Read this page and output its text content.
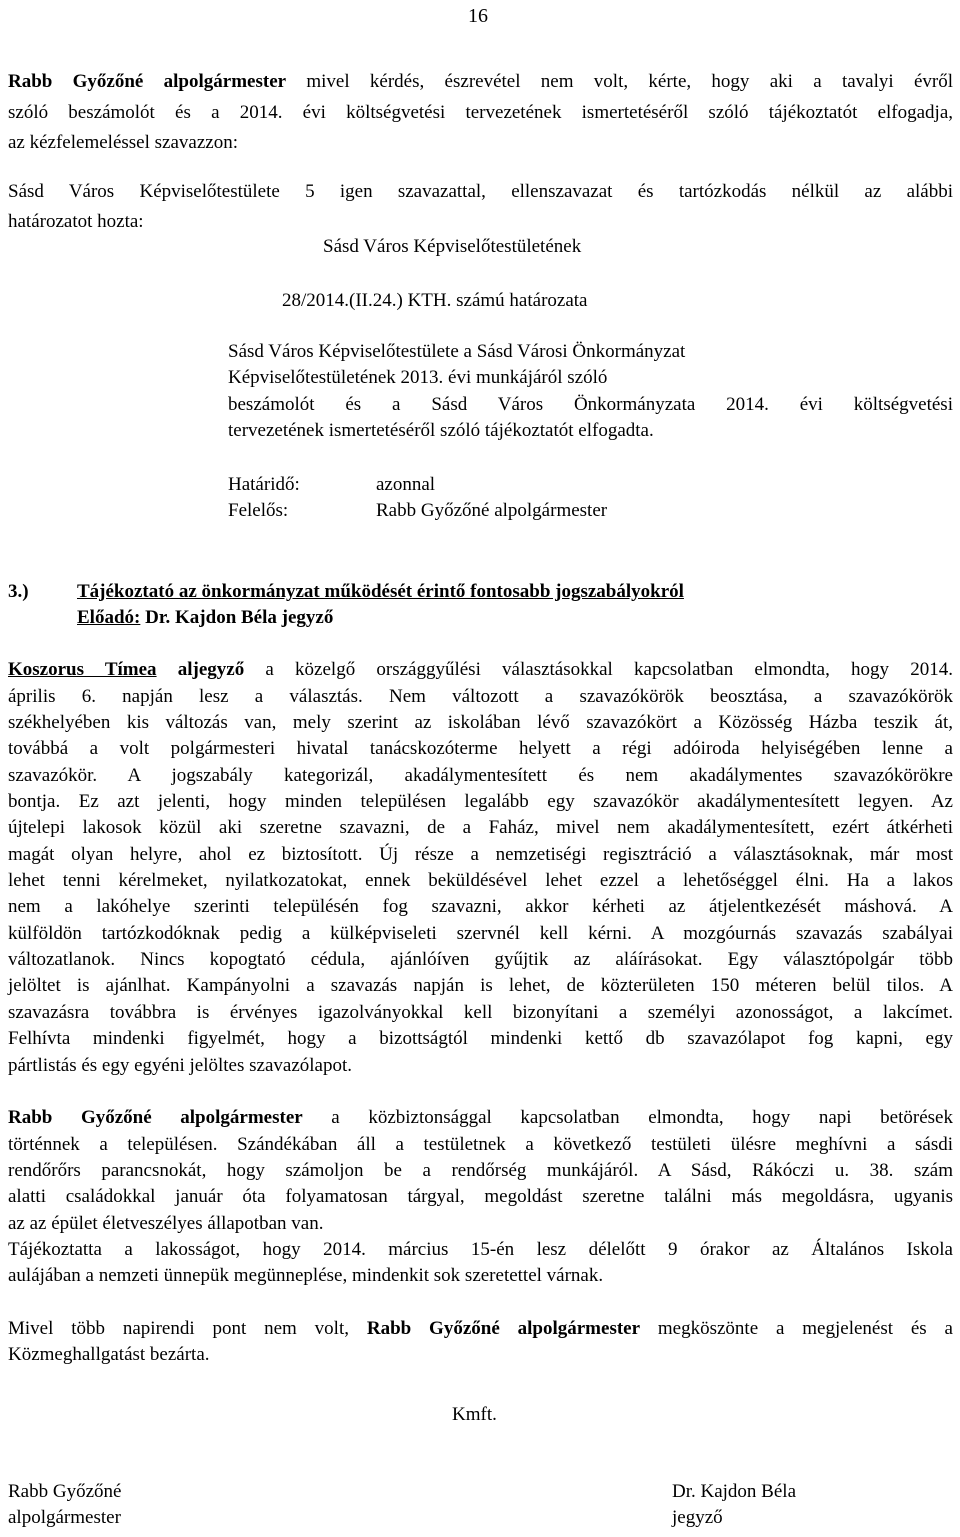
16
Rabb Győzőné alpolgármester mivel kérdés, észrevétel nem volt, kérte, hogy aki a tavalyi évről
szóló beszámolót és a 2014. évi költségvetési tervezetének ismertetéséről szóló tájékoztatót elfogadja,
az kézfelemeléssel szavazzon:
Sásd Város Képviselőtestülete 5 igen szavazattal, ellenszavazat és tartózkodás nélkül az alábbi
határozatot hozta:
Sásd Város Képviselőtestületének
28/2014.(II.24.) KTH. számú határozata
Sásd Város Képviselőtestülete a Sásd Városi Önkormányzat
Képviselőtestületének 2013. évi munkájáról szóló
beszámolót és a Sásd Város Önkormányzata 2014. évi költségvetési
tervezetének ismertetéséről szóló tájékoztatót elfogadta.
Határidő:	azonnal
Felelős:	Rabb Győzőné alpolgármester
3.)	Tájékoztató az önkormányzat működését érintő fontosabb jogszabályokról
Előadó: Dr. Kajdon Béla jegyző
Koszorus Tímea aljegyző a közelgő országgyűlési választásokkal kapcsolatban elmondta, hogy 2014.
április 6. napján lesz a választás. Nem változott a szavazókörök beosztása, a szavazókörök
székhelyében kis változás van, mely szerint az iskolában lévő szavazókört a Közösség Házba teszik át,
továbbá a volt polgármesteri hivatal tanácskozóterme helyett a régi adóiroda helyiségében lenne a
szavazókör. A jogszabály kategorizál, akadálymentesített és nem akadálymentes szavazókörökre
bontja. Ez azt jelenti, hogy minden településen legalább egy szavazókör akadálymentesített legyen. Az
újtelepi lakosok közül aki szeretne szavazni, de a Faház, mivel nem akadálymentesített, ezért átkérheti
magát olyan helyre, ahol ez biztosított. Új része a nemzetiségi regisztráció a választásoknak, már most
lehet tenni kérelmeket, nyilatkozatokat, ennek beküldésével lehet ezzel a lehetőséggel élni. Ha a lakos
nem a lakóhelye szerinti településén fog szavazni, akkor kérheti az átjelentkezését máshová. A
külföldön tartózkodóknak pedig a külképviseleti szervnél kell kérni. A mozgóurnás szavazás szabályai
változatlanok. Nincs kopogtató cédula, ajánlóíven gyűjtik az aláírásokat. Egy választópolgár több
jelöltet is ajánlhat. Kampányolni a szavazás napján is lehet, de közterületen 150 méteren belül tilos. A
szavazásra továbbra is érvényes igazolványokkal kell bizonyítani a személyi azonosságot, a lakcímet.
Felhívta mindenki figyelmét, hogy a bizottságtól mindenki kettő db szavazólapot fog kapni, egy
pártlistás és egy egyéni jelöltes szavazólapot.
Rabb Győzőné alpolgármester a közbiztonsággal kapcsolatban elmondta, hogy napi betörések
történnek a településen. Szándékában áll a testületnek a következő testületi ülésre meghívni a sásdi
rendőrőrs parancsnokát, hogy számoljon be a rendőrség munkájáról. A Sásd, Rákóczi u. 38. szám
alatti családokkal január óta folyamatosan tárgyal, megoldást szeretne találni más megoldásra, ugyanis
az az épület életveszélyes állapotban van.
Tájékoztatta a lakosságot, hogy 2014. március 15-én lesz délelőtt 9 órakor az Általános Iskola
aulájában a nemzeti ünnepük megünneplése, mindenkit sok szeretettel várnak.
Mivel több napirendi pont nem volt, Rabb Győzőné alpolgármester megköszönte a megjelenést és a
Közmeghallgatást bezárta.
Kmft.
Rabb Győzőné
alpolgármester
Dr. Kajdon Béla
jegyző
